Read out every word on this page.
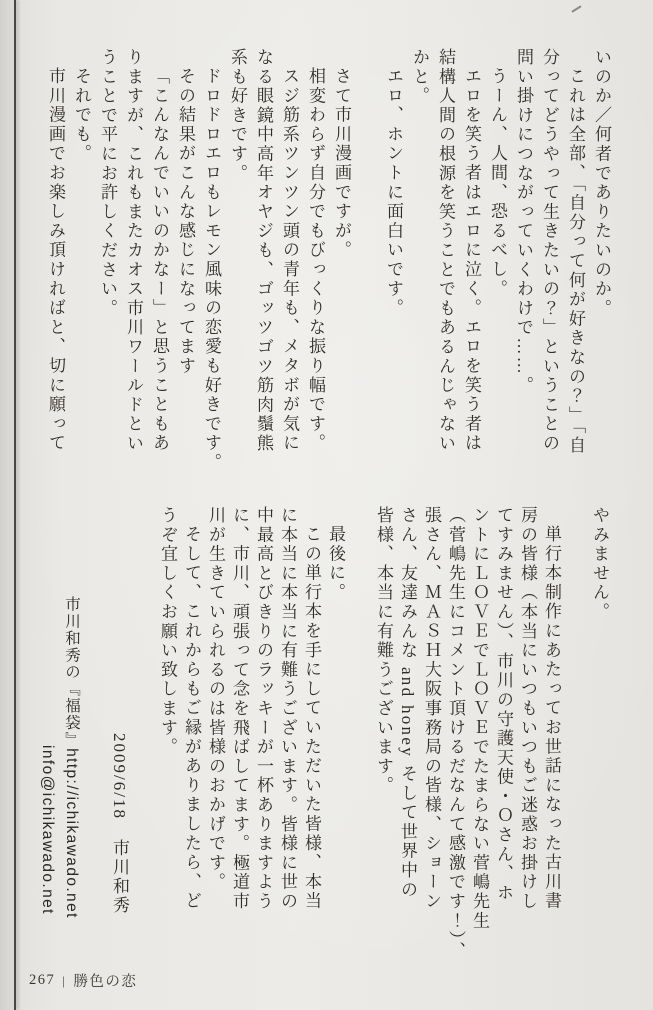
いのか／何者でありたいのか。
これは全部、「自分って何が好きなの？」「自
分ってどうやって生きたいの？」ということの
問い掛けにつながっていくわけで……。
うーん、人間、恐るべし。
エロを笑う者はエロに泣く。エロを笑う者は
結構人間の根源を笑うことでもあるんじゃない
かと。
エロ、ホントに面白いです。
さて市川漫画ですが。
相変わらず自分でもびっくりな振り幅です。
スジ筋系ツンツン頭の青年も、メタボが気に
なる眼鏡中高年オヤジも、ゴッツゴツ筋肉鬚熊
系も好きです。
ドロドロエロもレモン風味の恋愛も好きです。
その結果がこんな感じになってます
「こんなんでいいのかなー」と思うこともあ
りますが、これもまたカオス市川ワールドとい
うことで平にお許しください。
それでも。
市川漫画でお楽しみ頂ければと、切に願って
やみません。
単行本制作にあたってお世話になった古川書
房の皆様（本当にいつもいつもご迷惑お掛けし
てすみません）、市川の守護天使・Ｏさん、ホ
ントにＬＯＶＥでＬＯＶＥでたまらない菅嶋先生
（菅嶋先生にコメント頂けるだなんて感激です！）、
張さん、ＭＡＳＨ大阪事務局の皆様、ショーン
さん、友達みんな and honey そして世界中の
皆様、本当に有難うございます。
最後に。
この単行本を手にしていただいた皆様、本当
に本当に本当に有難うございます。皆様に世の
中最高とびきりのラッキーが一杯ありますよう
に、市川、頑張って念を飛ばしてます。極道市
川が生きていられるのは皆様のおかげです。
そして、これからもご縁がありましたら、ど
うぞ宜しくお願い致します。
2009/6/18　市川和秀
市川和秀の『福袋』http://ichikawado.net
info@ichikawado.net
267 | 勝色の恋
